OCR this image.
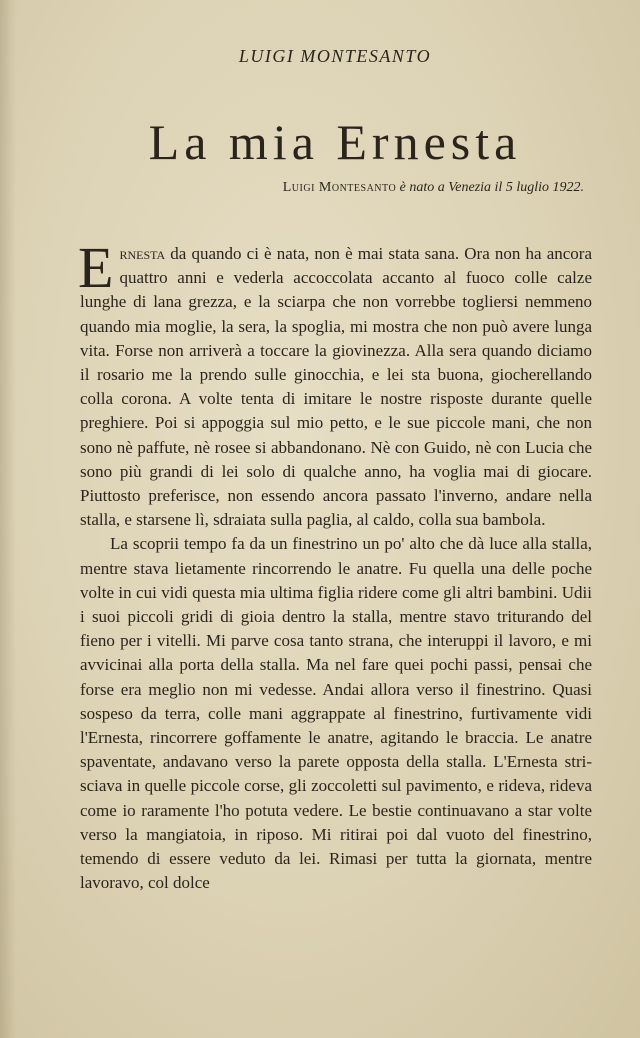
LUIGI MONTESANTO
La mia Ernesta
Luigi Montesanto è nato a Venezia il 5 luglio 1922.

Ernesta da quando ci è nata, non è mai stata sana. Ora non ha ancora quattro anni e vederla accoccolata accanto al fuoco colle calze lunghe di lana grezza, e la sciarpa che non vorrebbe togliersi nemmeno quando mia moglie, la sera, la spoglia, mi mostra che non può avere lunga vita. Forse non arriverà a toccare la giovinezza. Alla sera quando diciamo il rosario me la prendo sulle ginocchia, e lei sta buona, giocherellando colla corona. A volte tenta di imitare le nostre risposte durante quelle preghiere. Poi si appoggia sul mio petto, e le sue piccole mani, che non sono nè paffute, nè rosee si abbandonano. Nè con Guido, nè con Lucia che sono più grandi di lei solo di qualche anno, ha voglia mai di giocare. Piuttosto preferisce, non essendo ancora passato l'inverno, andare nella stalla, e starsene lì, sdraiata sulla paglia, al caldo, colla sua bambola.

La scoprii tempo fa da un finestrino un po' alto che dà luce alla stalla, mentre stava lietamente rincorrendo le anatre. Fu quella una delle poche volte in cui vidi questa mia ultima figlia ridere come gli altri bambini. Udii i suoi piccoli gridi di gioia dentro la stalla, mentre stavo triturando del fieno per i vitelli. Mi parve cosa tanto strana, che interuppi il lavoro, e mi avvicinai alla porta della stalla. Ma nel fare quei pochi passi, pensai che forse era meglio non mi vedesse. Andai allora verso il finestrino. Quasi sospeso da terra, colle mani aggrappate al finestrino, furtivamente vidi l'Ernesta, rincorrere goffamente le anatre, agitando le braccia. Le anatre spaventate, andavano verso la parete opposta della stalla. L'Ernesta strisciava in quelle piccole corse, gli zoccoletti sul pavimento, e rideva, rideva come io raramente l'ho potuta vedere. Le bestie continuavano a star volte verso la mangiatoia, in riposo. Mi ritirai poi dal vuoto del finestrino, temendo di essere veduto da lei. Rimasi per tutta la giornata, mentre lavoravo, col dolce
